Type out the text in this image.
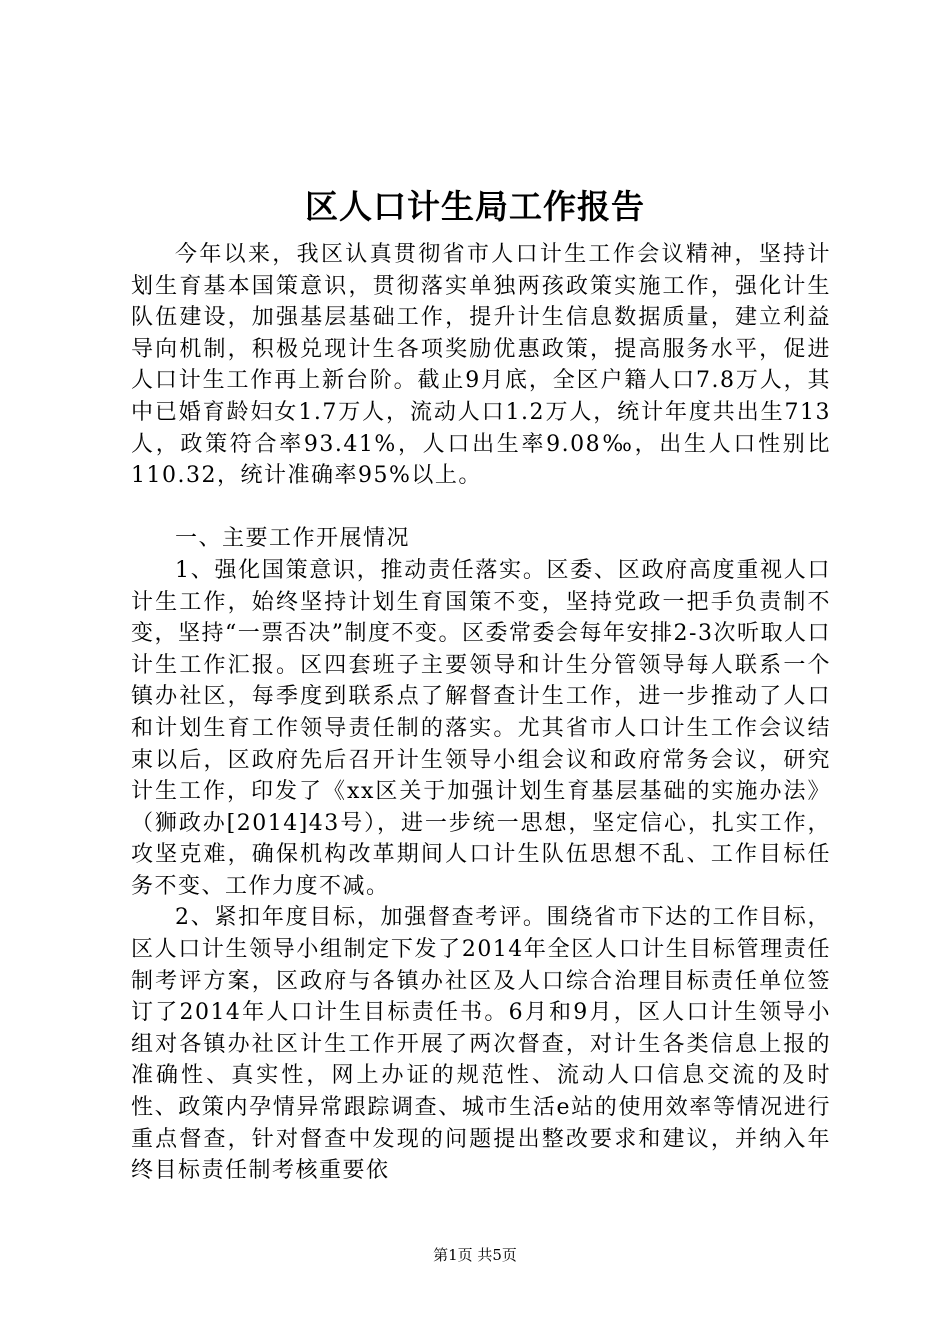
区人口计生局工作报告

今年以来，我区认真贯彻省市人口计生工作会议精神，坚持计划生育基本国策意识，贯彻落实单独两孩政策实施工作，强化计生队伍建设，加强基层基础工作，提升计生信息数据质量，建立利益导向机制，积极兑现计生各项奖励优惠政策，提高服务水平，促进人口计生工作再上新台阶。截止9月底，全区户籍人口7.8万人，其中已婚育龄妇女1.7万人，流动人口1.2万人，统计年度共出生713人，政策符合率93.41%，人口出生率9.08‰，出生人口性别比110.32，统计准确率95%以上。

一、主要工作开展情况

1、强化国策意识，推动责任落实。区委、区政府高度重视人口计生工作，始终坚持计划生育国策不变，坚持党政一把手负责制不变，坚持“一票否决”制度不变。区委常委会每年安排2-3次听取人口计生工作汇报。区四套班子主要领导和计生分管领导每人联系一个镇办社区，每季度到联系点了解督查计生工作，进一步推动了人口和计划生育工作领导责任制的落实。尤其省市人口计生工作会议结束以后，区政府先后召开计生领导小组会议和政府常务会议，研究计生工作，印发了《xx区关于加强计划生育基层基础的实施办法》（狮政办[2014]43号），进一步统一思想，坚定信心，扎实工作，攻坚克难，确保机构改革期间人口计生队伍思想不乱、工作目标任务不变、工作力度不减。

2、紧扣年度目标，加强督查考评。围绕省市下达的工作目标，区人口计生领导小组制定下发了2014年全区人口计生目标管理责任制考评方案，区政府与各镇办社区及人口综合治理目标责任单位签订了2014年人口计生目标责任书。6月和9月，区人口计生领导小组对各镇办社区计生工作开展了两次督查，对计生各类信息上报的准确性、真实性，网上办证的规范性、流动人口信息交流的及时性、政策内孕情异常跟踪调查、城市生活e站的使用效率等情况进行重点督查，针对督查中发现的问题提出整改要求和建议，并纳入年终目标责任制考核重要依

第1页 共5页
